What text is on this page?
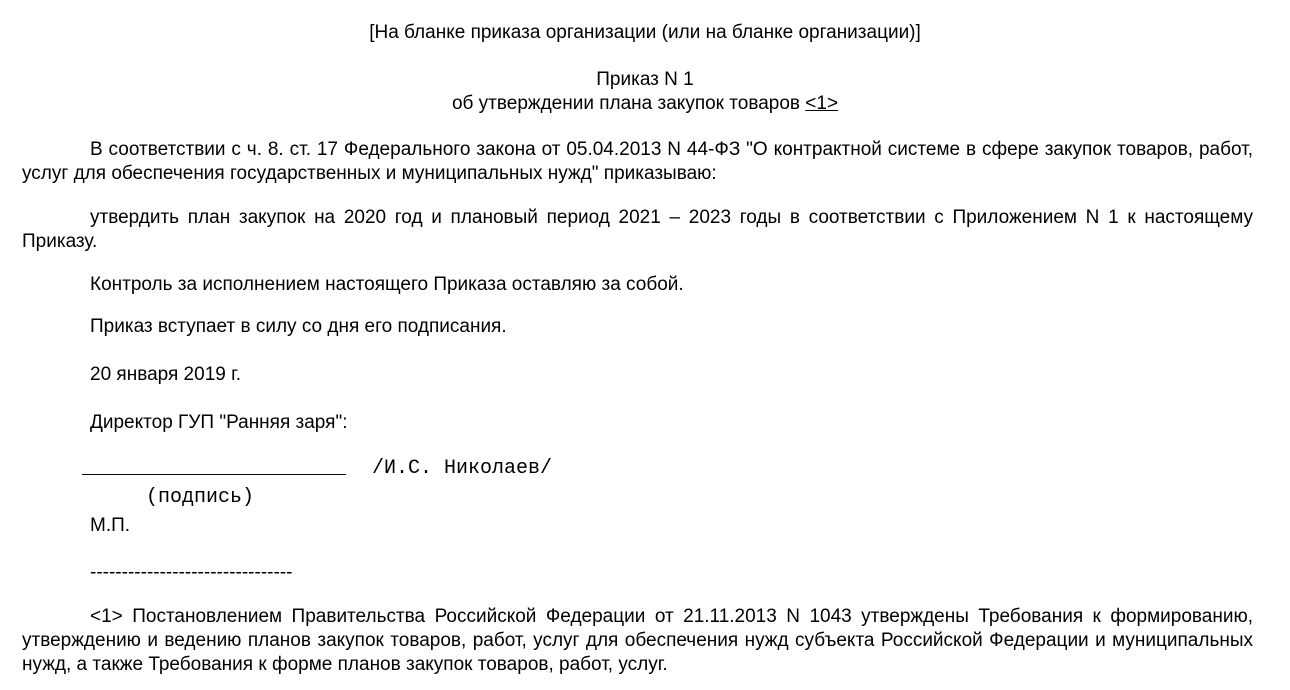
[На бланке приказа организации (или на бланке организации)]
Приказ N 1
об утверждении плана закупок товаров <1>
В соответствии с ч. 8. ст. 17 Федерального закона от 05.04.2013 N 44-ФЗ "О контрактной системе в сфере закупок товаров, работ, услуг для обеспечения государственных и муниципальных нужд" приказываю:
утвердить план закупок на 2020 год и плановый период 2021 – 2023 годы в соответствии с Приложением N 1 к настоящему Приказу.
Контроль за исполнением настоящего Приказа оставляю за собой.
Приказ вступает в силу со дня его подписания.
20 января 2019 г.
Директор ГУП "Ранняя заря":
______________________ /И.С. Николаев/
(подпись)
М.П.
--------------------------------
<1> Постановлением Правительства Российской Федерации от 21.11.2013 N 1043 утверждены Требования к формированию, утверждению и ведению планов закупок товаров, работ, услуг для обеспечения нужд субъекта Российской Федерации и муниципальных нужд, а также Требования к форме планов закупок товаров, работ, услуг.
